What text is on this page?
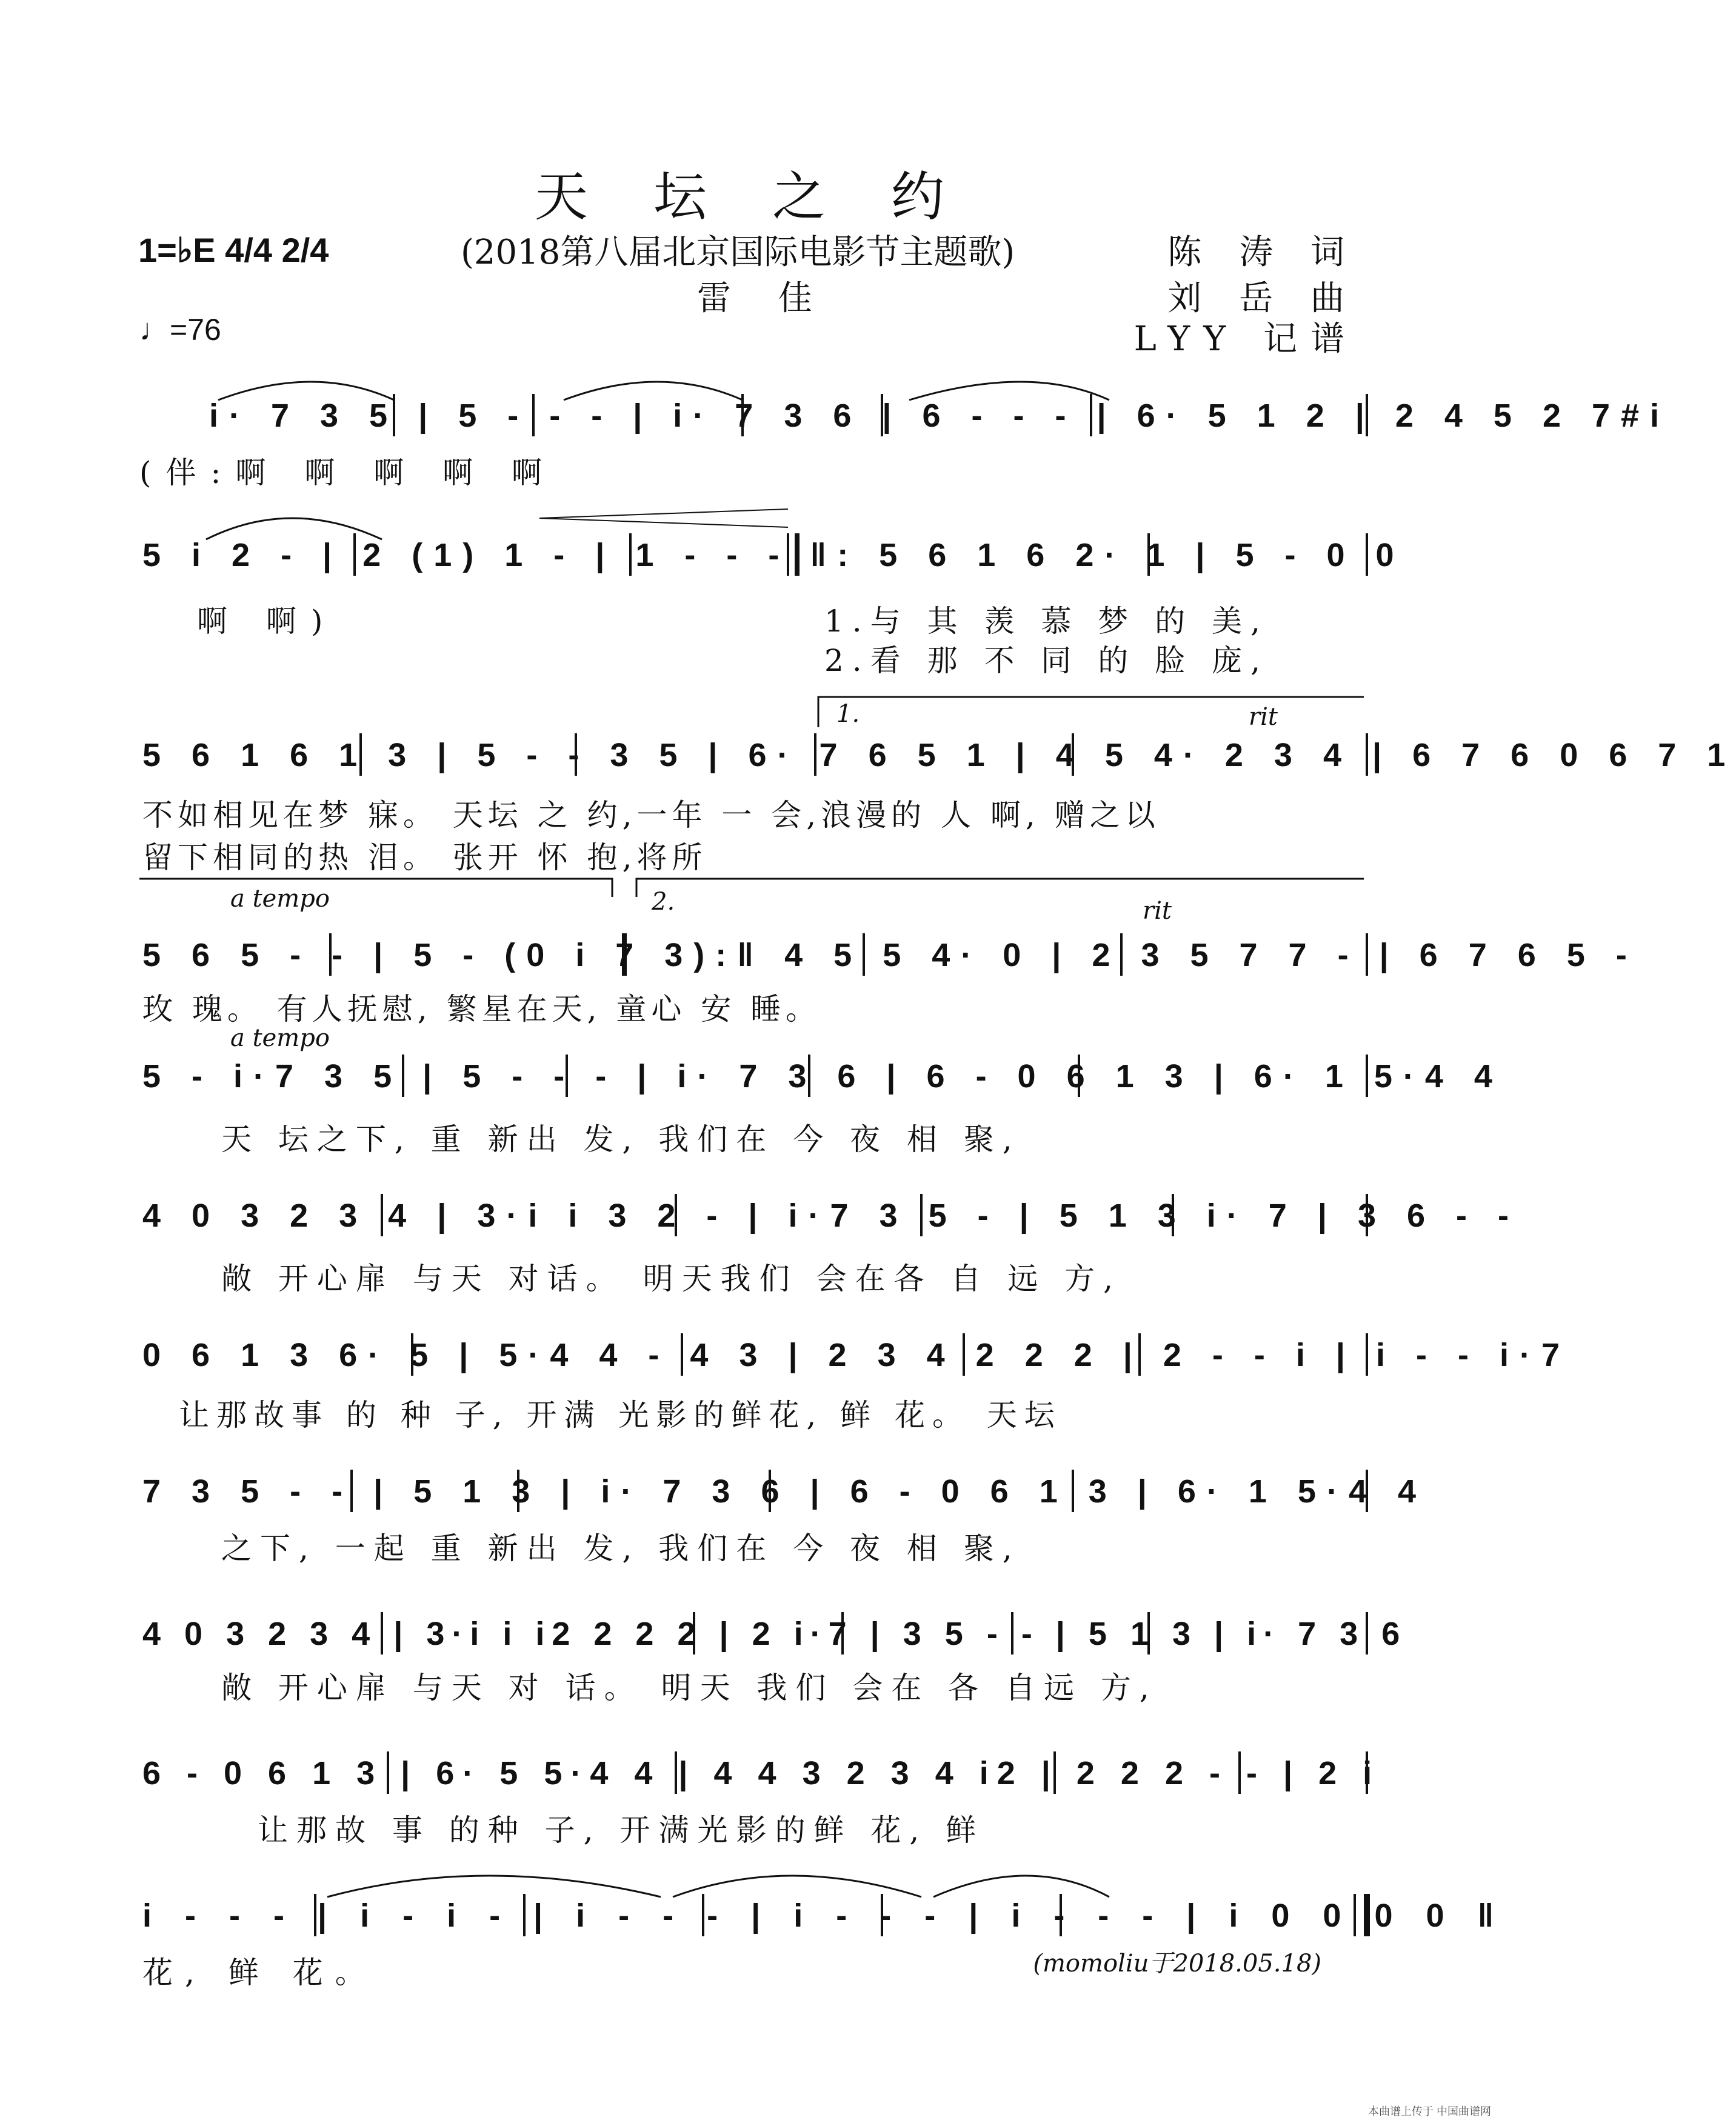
天 坛 之 约
1=♭E 4/4 2/4
♩=76
(2018第八届北京国际电影节主题歌)
雷 佳
陈 涛 词
刘 岳 曲
LYY 记谱
i· 7 3 5 | 5 - - - | i· 7 3 6 | 6 - - - | 6· 5 1 2 | 2 4 5 2 7#i
(伴:啊 啊 啊 啊 啊
5 i 2 - | 2 (1) 1 - | 1 - - - ‖: 5 6 1 6 2· 1 | 5 - 0 0
啊 啊)	1.与 其 羡 慕 梦 的 美,
2.看 那 不 同 的 脸 庞,
1.	rit
5 6 1 6 1 3 | 5 - - 3 5 | 6· 7 6 5 1 | 4 5 4· 2 3 4 | 6 7 6 0 6 7 1
不如相见在梦 寐。 天坛 之 约,一年 一 会,浪漫的 人 啊, 赠之以
留下相同的热 泪。 张开 怀 抱,将所
a tempo	2.	rit
5 6 5 - - | 5 - (0 i 7 3):‖ 4 5 5 4· 0 | 2 3 5 7 7 - | 6 7 6 5 -
玫 瑰。 有人抚慰, 繁星在天, 童心 安 睡。
a tempo
5 - i·7 3 5 | 5 - - - | i· 7 3 6 | 6 - 0 6 1 3 | 6· 1 5·4 4
天 坛之下, 重 新出 发, 我们在 今 夜 相 聚,
4 0 3 2 3 4 | 3·i i 3 2 - | i·7 3 5 - | 5 1 3 i· 7 | 3 6 - -
敞 开心扉 与天 对话。 明天我们 会在各 自 远 方,
0 6 1 3 6· 5 | 5·4 4 - 4 3 | 2 3 4 2 2 2 | 2 - - i | i - - i·7
让那故事 的 种 子, 开满 光影的鲜花, 鲜 花。 天坛
7 3 5 - - | 5 1 3 | i· 7 3 6 | 6 - 0 6 1 3 | 6· 1 5·4 4
之下, 一起 重 新出 发, 我们在 今 夜 相 聚,
4 0 3 2 3 4 | 3·i i i2 2 2 2 | 2 i·7 | 3 5 - - | 5 1 3 | i· 7 3 6
敞 开心扉 与天 对 话。 明天 我们 会在 各 自远 方,
6 - 0 6 1 3 | 6· 5 5·4 4 | 4 4 3 2 3 4 i2 | 2 2 2 - - | 2 i
让那故 事 的种 子, 开满光影的鲜 花, 鲜
i - - - | i - i - | i - - - | i - - - | i - - - | i 0 0 0 0 ‖
花, 鲜 花。	(momoliu于2018.05.18)
本曲谱上传于 中国曲谱网
